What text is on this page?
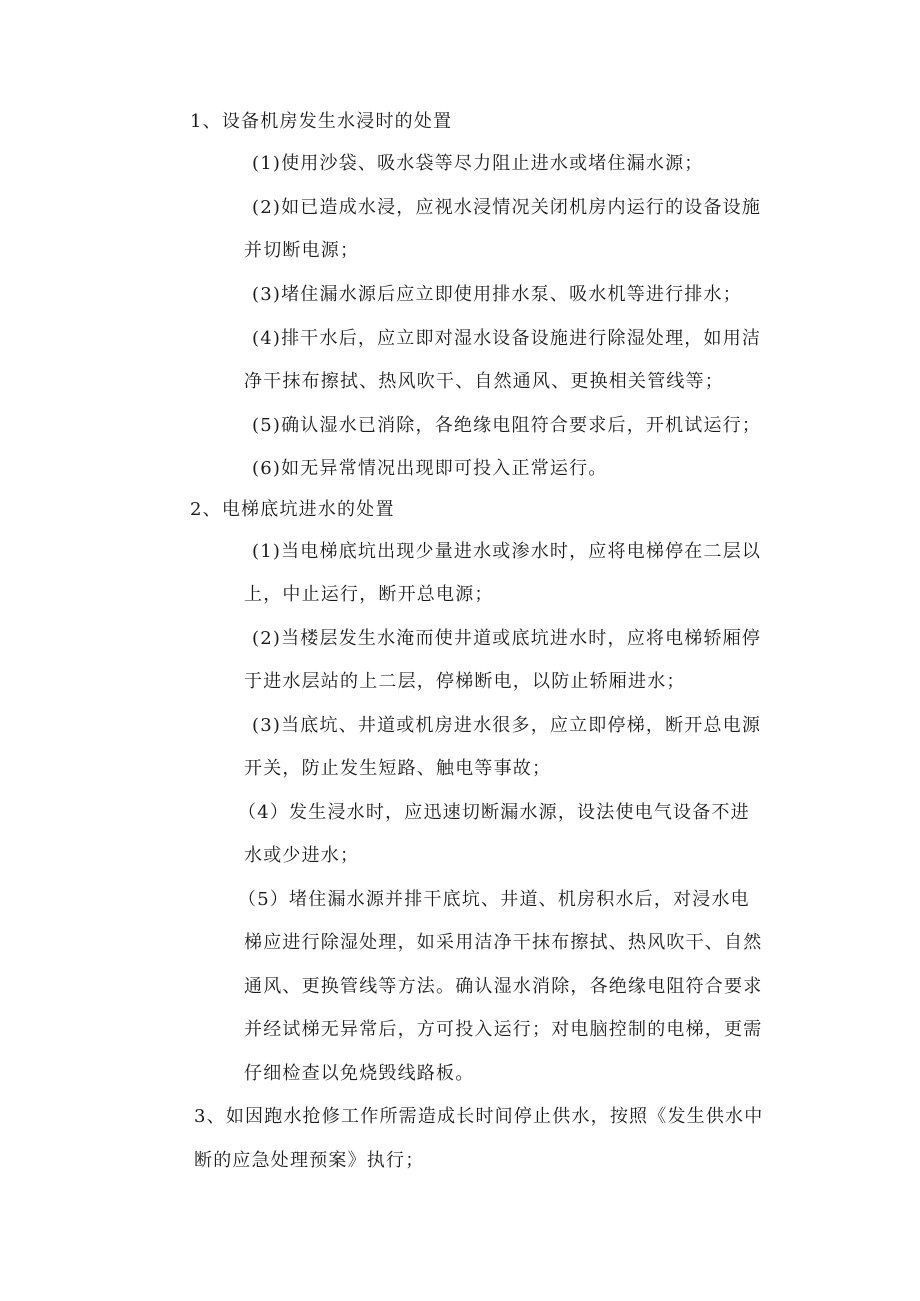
1、设备机房发生水浸时的处置
(1)使用沙袋、吸水袋等尽力阻止进水或堵住漏水源；
(2)如已造成水浸，应视水浸情况关闭机房内运行的设备设施
并切断电源；
(3)堵住漏水源后应立即使用排水泵、吸水机等进行排水；
(4)排干水后，应立即对湿水设备设施进行除湿处理，如用洁
净干抹布擦拭、热风吹干、自然通风、更换相关管线等；
(5)确认湿水已消除，各绝缘电阻符合要求后，开机试运行；
(6)如无异常情况出现即可投入正常运行。
2、电梯底坑进水的处置
(1)当电梯底坑出现少量进水或渗水时，应将电梯停在二层以
上，中止运行，断开总电源；
(2)当楼层发生水淹而使井道或底坑进水时，应将电梯轿厢停
于进水层站的上二层，停梯断电，以防止轿厢进水；
(3)当底坑、井道或机房进水很多，应立即停梯，断开总电源
开关，防止发生短路、触电等事故；
（4）发生浸水时，应迅速切断漏水源，设法使电气设备不进
水或少进水；
（5）堵住漏水源并排干底坑、井道、机房积水后，对浸水电
梯应进行除湿处理，如采用洁净干抹布擦拭、热风吹干、自然
通风、更换管线等方法。确认湿水消除，各绝缘电阻符合要求
并经试梯无异常后，方可投入运行；对电脑控制的电梯，更需
仔细检查以免烧毁线路板。
3、如因跑水抢修工作所需造成长时间停止供水，按照《发生供水中
断的应急处理预案》执行；
